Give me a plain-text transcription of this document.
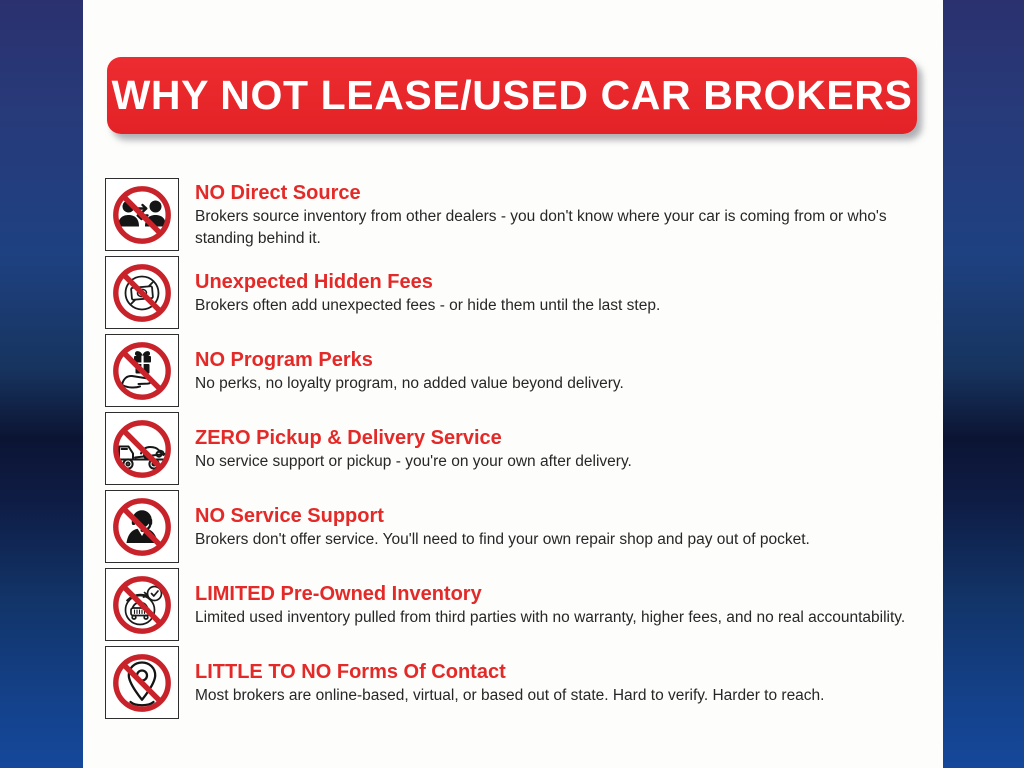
WHY NOT LEASE/USED CAR BROKERS
NO Direct Source
Brokers source inventory from other dealers - you don't know where your car is coming from or who's standing behind it.
Unexpected Hidden Fees
Brokers often add unexpected fees - or hide them until the last step.
NO Program Perks
No perks, no loyalty program, no added value beyond delivery.
ZERO Pickup & Delivery Service
No service support or pickup - you're on your own after delivery.
NO Service Support
Brokers don't offer service. You'll need to find your own repair shop and pay out of pocket.
LIMITED Pre-Owned Inventory
Limited used inventory pulled from third parties with no warranty, higher fees, and no real accountability.
LITTLE TO NO Forms Of Contact
Most brokers are online-based, virtual, or based out of state. Hard to verify. Harder to reach.
